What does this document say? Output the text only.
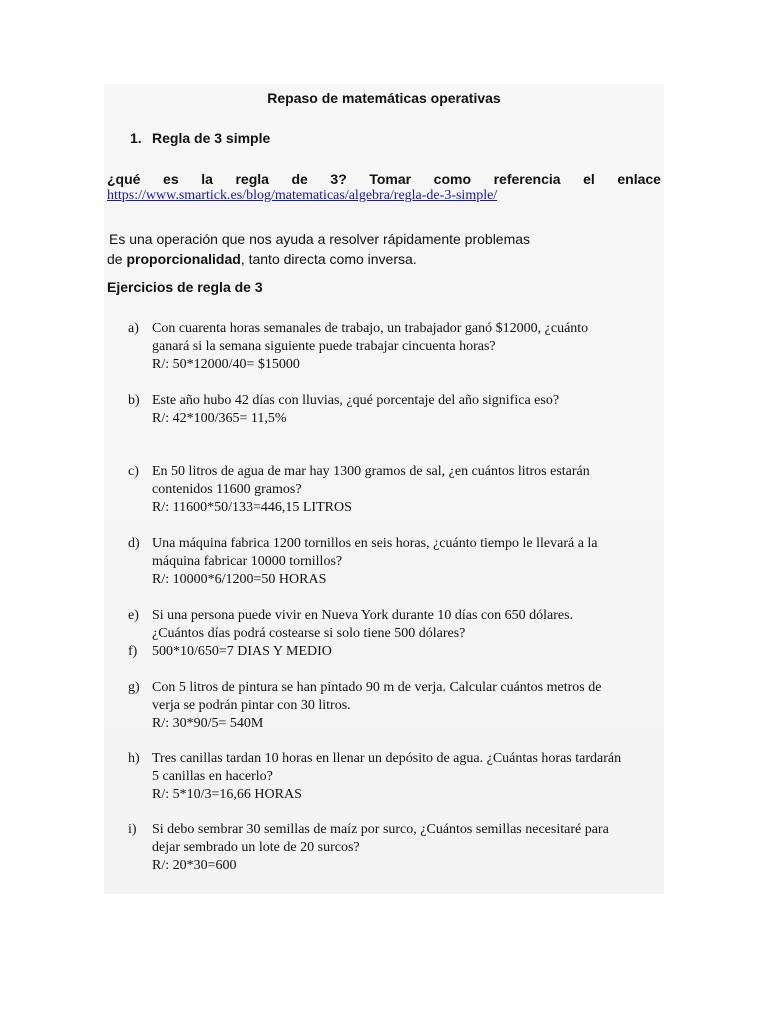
Repaso de matemáticas operativas
1. Regla de 3 simple
¿qué es la regla de 3? Tomar como referencia el enlace
https://www.smartick.es/blog/matematicas/algebra/regla-de-3-simple/
Es una operación que nos ayuda a resolver rápidamente problemas
de proporcionalidad, tanto directa como inversa.
Ejercicios de regla de 3
a) Con cuarenta horas semanales de trabajo, un trabajador ganó $12000, ¿cuánto
ganará si la semana siguiente puede trabajar cincuenta horas?
R/: 50*12000/40= $15000
b) Este año hubo 42 días con lluvias, ¿qué porcentaje del año significa eso?
R/: 42*100/365= 11,5%
c) En 50 litros de agua de mar hay 1300 gramos de sal, ¿en cuántos litros estarán
contenidos 11600 gramos?
R/: 11600*50/133=446,15 LITROS
d) Una máquina fabrica 1200 tornillos en seis horas, ¿cuánto tiempo le llevará a la
máquina fabricar 10000 tornillos?
R/: 10000*6/1200=50 HORAS
e) Si una persona puede vivir en Nueva York durante 10 días con 650 dólares.
¿Cuántos días podrá costearse si solo tiene 500 dólares?
f) 500*10/650=7 DIAS Y MEDIO
g) Con 5 litros de pintura se han pintado 90 m de verja. Calcular cuántos metros de
verja se podrán pintar con 30 litros.
R/: 30*90/5= 540M
h) Tres canillas tardan 10 horas en llenar un depósito de agua. ¿Cuántas horas tardarán
5 canillas en hacerlo?
R/: 5*10/3=16,66 HORAS
i) Si debo sembrar 30 semillas de maíz por surco, ¿Cuántos semillas necesitaré para
dejar sembrado un lote de 20 surcos?
R/: 20*30=600
